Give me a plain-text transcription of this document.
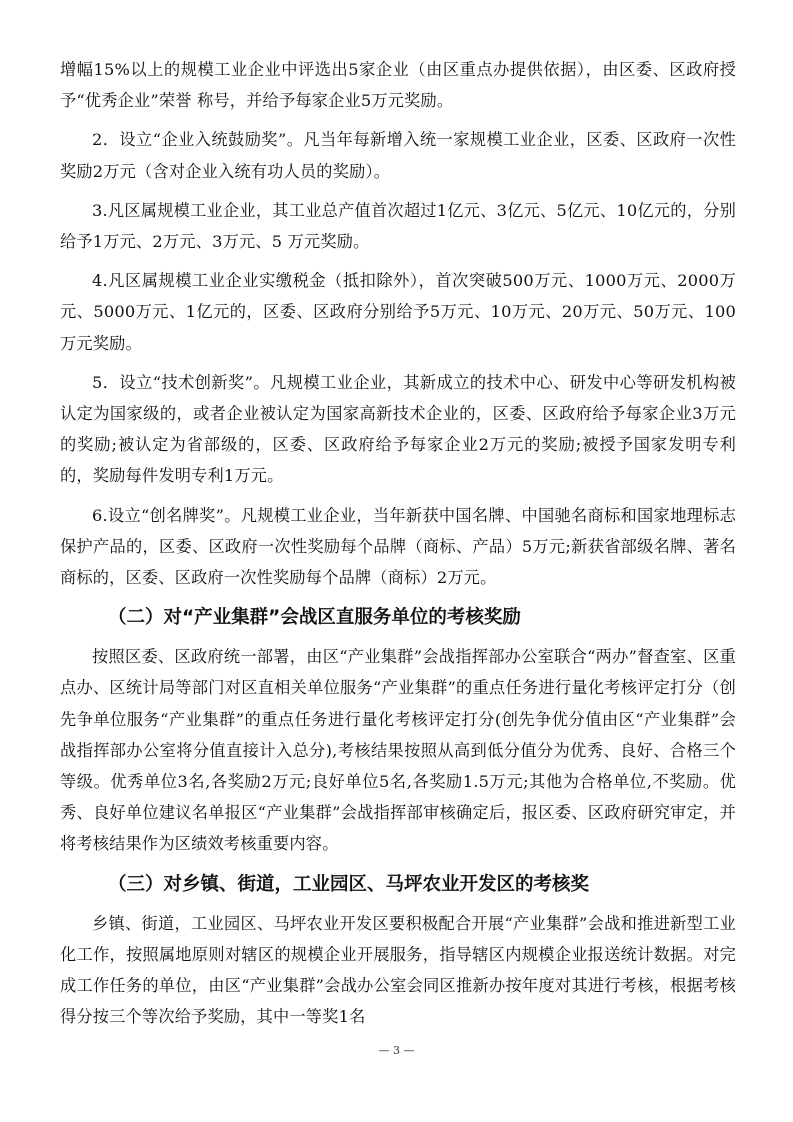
增幅15%以上的规模工业企业中评选出5家企业（由区重点办提供依据），由区委、区政府授予“优秀企业”荣誉 称号，并给予每家企业5万元奖励。

2．设立“企业入统鼓励奖”。凡当年每新增入统一家规模工业企业，区委、区政府一次性奖励2万元（含对企业入统有功人员的奖励）。

3.凡区属规模工业企业，其工业总产值首次超过1亿元、3亿元、5亿元、10亿元的，分别给予1万元、2万元、3万元、5 万元奖励。

4.凡区属规模工业企业实缴税金（抵扣除外），首次突破500万元、1000万元、2000万元、5000万元、1亿元的，区委、区政府分别给予5万元、10万元、20万元、50万元、100万元奖励。

5．设立“技术创新奖”。凡规模工业企业，其新成立的技术中心、研发中心等研发机构被认定为国家级的，或者企业被认定为国家高新技术企业的，区委、区政府给予每家企业3万元的奖励;被认定为省部级的，区委、区政府给予每家企业2万元的奖励;被授予国家发明专利的，奖励每件发明专利1万元。

6.设立“创名牌奖”。凡规模工业企业，当年新获中国名牌、中国驰名商标和国家地理标志保护产品的，区委、区政府一次性奖励每个品牌（商标、产品）5万元;新获省部级名牌、著名商标的，区委、区政府一次性奖励每个品牌（商标）2万元。

（二）对“产业集群”会战区直服务单位的考核奖励

按照区委、区政府统一部署，由区“产业集群”会战指挥部办公室联合“两办”督查室、区重点办、区统计局等部门对区直相关单位服务“产业集群”的重点任务进行量化考核评定打分（创先争单位服务“产业集群”的重点任务进行量化考核评定打分(创先争优分值由区“产业集群”会战指挥部办公室将分值直接计入总分),考核结果按照从高到低分值分为优秀、良好、合格三个等级。优秀单位3名,各奖励2万元;良好单位5名,各奖励1.5万元;其他为合格单位,不奖励。优秀、良好单位建议名单报区“产业集群”会战指挥部审核确定后，报区委、区政府研究审定，并将考核结果作为区绩效考核重要内容。

（三）对乡镇、街道，工业园区、马坪农业开发区的考核奖

乡镇、街道，工业园区、马坪农业开发区要积极配合开展“产业集群”会战和推进新型工业化工作，按照属地原则对辖区的规模企业开展服务，指导辖区内规模企业报送统计数据。对完成工作任务的单位，由区“产业集群”会战办公室会同区推新办按年度对其进行考核，根据考核得分按三个等次给予奖励，其中一等奖1名

— 3 —
